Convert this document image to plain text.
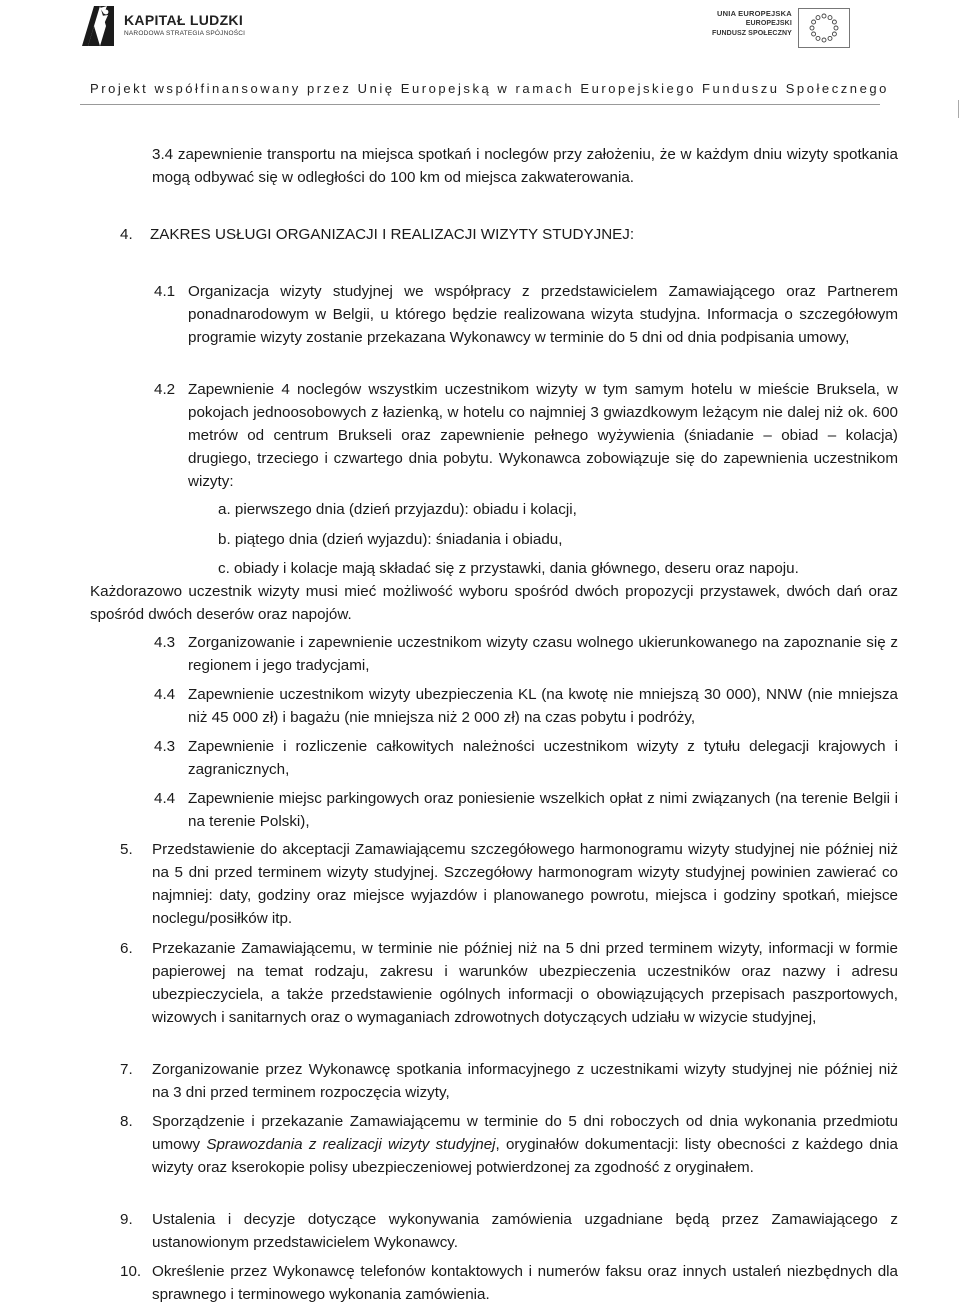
KAPITAŁ LUDZKI
NARODOWA STRATEGIA SPÓJNOŚCI
UNIA EUROPEJSKA
EUROPEJSKI
FUNDUSZ SPOŁECZNY
Projekt współfinansowany przez Unię Europejską w ramach Europejskiego Funduszu Społecznego
3.4 zapewnienie transportu na miejsca spotkań i noclegów przy założeniu, że w każdym dniu wizyty spotkania mogą odbywać się w odległości do 100 km od miejsca zakwaterowania.
4. ZAKRES USŁUGI ORGANIZACJI I REALIZACJI WIZYTY STUDYJNEJ:
4.1 Organizacja wizyty studyjnej we współpracy z przedstawicielem Zamawiającego oraz Partnerem ponadnarodowym w Belgii, u którego będzie realizowana wizyta studyjna. Informacja o szczegółowym programie wizyty zostanie przekazana Wykonawcy w terminie do 5 dni od dnia podpisania umowy,
4.2 Zapewnienie 4 noclegów wszystkim uczestnikom wizyty w tym samym hotelu w mieście Bruksela, w pokojach jednoosobowych z łazienką, w hotelu co najmniej 3 gwiazdkowym leżącym nie dalej niż ok. 600 metrów od centrum Brukseli oraz zapewnienie pełnego wyżywienia (śniadanie – obiad – kolacja) drugiego, trzeciego i czwartego dnia pobytu. Wykonawca zobowiązuje się do zapewnienia uczestnikom wizyty:
a. pierwszego dnia (dzień przyjazdu): obiadu i kolacji,
b. piątego dnia (dzień wyjazdu): śniadania i obiadu,
c. obiady i kolacje mają składać się z przystawki, dania głównego, deseru oraz napoju.
Każdorazowo uczestnik wizyty musi mieć możliwość wyboru spośród dwóch propozycji przystawek, dwóch dań oraz spośród dwóch deserów oraz napojów.
4.3 Zorganizowanie i zapewnienie uczestnikom wizyty czasu wolnego ukierunkowanego na zapoznanie się z regionem i jego tradycjami,
4.4 Zapewnienie uczestnikom wizyty ubezpieczenia KL (na kwotę nie mniejszą 30 000), NNW (nie mniejsza niż 45 000 zł) i bagażu (nie mniejsza niż 2 000 zł) na czas pobytu i podróży,
4.3 Zapewnienie i rozliczenie całkowitych należności uczestnikom wizyty z tytułu delegacji krajowych i zagranicznych,
4.4 Zapewnienie miejsc parkingowych oraz poniesienie wszelkich opłat z nimi związanych (na terenie Belgii i na terenie Polski),
5. Przedstawienie do akceptacji Zamawiającemu szczegółowego harmonogramu wizyty studyjnej nie później niż na 5 dni przed terminem wizyty studyjnej. Szczegółowy harmonogram wizyty studyjnej powinien zawierać co najmniej: daty, godziny oraz miejsce wyjazdów i planowanego powrotu, miejsca i godziny spotkań, miejsce noclegu/posiłków itp.
6. Przekazanie Zamawiającemu, w terminie nie później niż na 5 dni przed terminem wizyty, informacji w formie papierowej na temat rodzaju, zakresu i warunków ubezpieczenia uczestników oraz nazwy i adresu ubezpieczyciela, a także przedstawienie ogólnych informacji o obowiązujących przepisach paszportowych, wizowych i sanitarnych oraz o wymaganiach zdrowotnych dotyczących udziału w wizycie studyjnej,
7. Zorganizowanie przez Wykonawcę spotkania informacyjnego z uczestnikami wizyty studyjnej nie później niż na 3 dni przed terminem rozpoczęcia wizyty,
8. Sporządzenie i przekazanie Zamawiającemu w terminie do 5 dni roboczych od dnia wykonania przedmiotu umowy Sprawozdania z realizacji wizyty studyjnej, oryginałów dokumentacji: listy obecności z każdego dnia wizyty oraz kserokopie polisy ubezpieczeniowej potwierdzonej za zgodność z oryginałem.
9. Ustalenia i decyzje dotyczące wykonywania zamówienia uzgadniane będą przez Zamawiającego z ustanowionym przedstawicielem Wykonawcy.
10. Określenie przez Wykonawcę telefonów kontaktowych i numerów faksu oraz innych ustaleń niezbędnych dla sprawnego i terminowego wykonania zamówienia.
